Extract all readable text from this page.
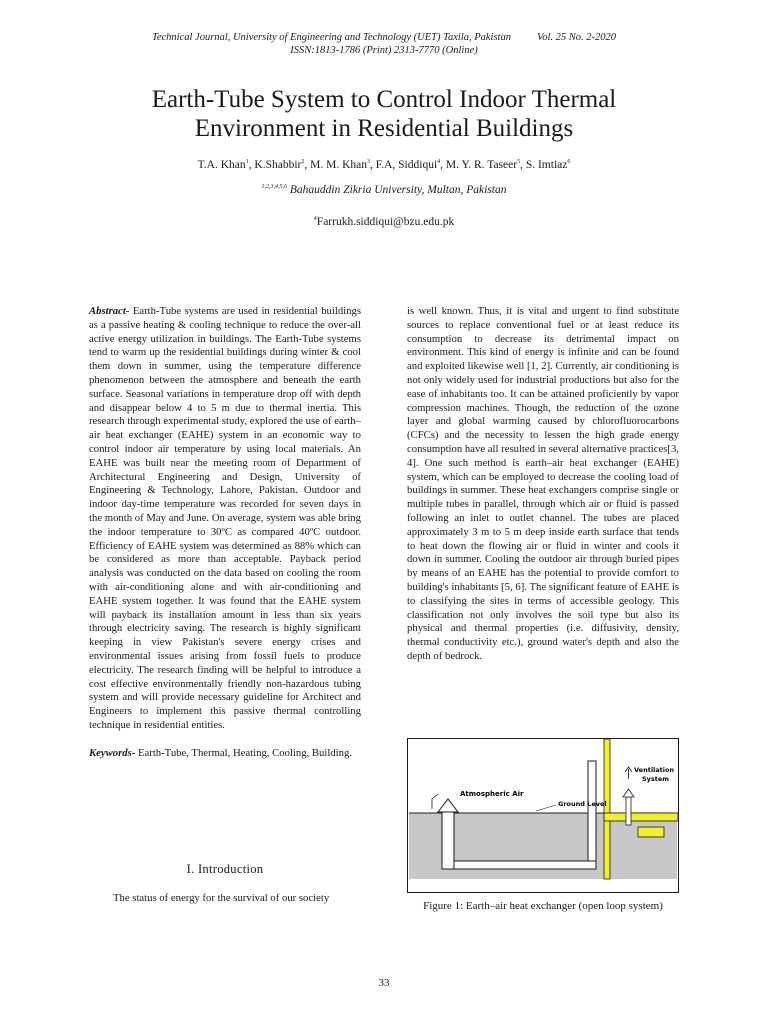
Technical Journal, University of Engineering and Technology (UET) Taxila, Pakistan Vol. 25 No. 2-2020
ISSN:1813-1786 (Print) 2313-7770 (Online)
Earth-Tube System to Control Indoor Thermal
Environment in Residential Buildings
T.A. Khan$^1$, K.Shabbir$^2$, M. M. Khan$^3$, F.A, Siddiqui$^4$, M. Y. R. Taseer$^5$, S. Imtiaz$^6$
$^{1,2,3,4,5,6}$ Bahauddin Zikria University, Multan, Pakistan
$^4$Farrukh.siddiqui@bzu.edu.pk
Abstract- Earth-Tube systems are used in residential buildings as a passive heating & cooling technique to reduce the over-all active energy utilization in buildings. The Earth-Tube systems tend to warm up the residential buildings during winter & cool them down in summer, using the temperature difference phenomenon between the atmosphere and beneath the earth surface. Seasonal variations in temperature drop off with depth and disappear below 4 to 5 m due to thermal inertia. This research through experimental study, explored the use of earth–air heat exchanger (EAHE) system in an economic way to control indoor air temperature by using local materials. An EAHE was built near the meeting room of Department of Architectural Engineering and Design, University of Engineering & Technology, Lahore, Pakistan. Outdoor and indoor day-time temperature was recorded for seven days in the month of May and June. On average, system was able bring the indoor temperature to 30ºC as compared 40ºC outdoor. Efficiency of EAHE system was determined as 88% which can be considered as more than acceptable. Payback period analysis was conducted on the data based on cooling the room with air-conditioning alone and with air-conditioning and EAHE system together. It was found that the EAHE system will payback its installation amount in less than six years through electricity saving. The research is highly significant keeping in view Pakistan's severe energy crises and environmental issues arising from fossil fuels to produce electricity. The research finding will be helpful to introduce a cost effective environmentally friendly non-hazardous tubing system and will provide necessary guideline for Architect and Engineers to implement this passive thermal controlling technique in residential entities.
Keywords- Earth-Tube, Thermal, Heating, Cooling, Building.
I. Introduction
The status of energy for the survival of our society
is well known. Thus, it is vital and urgent to find substitute sources to replace conventional fuel or at least reduce its consumption to decrease its detrimental impact on environment. This kind of energy is infinite and can be found and exploited likewise well [1, 2]. Currently, air conditioning is not only widely used for industrial productions but also for the ease of inhabitants too. It can be attained proficiently by vapor compression machines. Though, the reduction of the ozone layer and global warming caused by chlorofluorocarbons (CFCs) and the necessity to lessen the high grade energy consumption have all resulted in several alternative practices[3, 4]. One such method is earth–air heat exchanger (EAHE) system, which can be employed to decrease the cooling load of buildings in summer. These heat exchangers comprise single or multiple tubes in parallel, through which air or fluid is passed following an inlet to outlet channel. The tubes are placed approximately 3 m to 5 m deep inside earth surface that tends to heat down the flowing air or fluid in winter and cools it down in summer. Cooling the outdoor air through buried pipes by means of an EAHE has the potential to provide comfort to building's inhabitants [5, 6]. The significant feature of EAHE is to classifying the sites in terms of accessible geology. This classification not only involves the soil type but also its physical and thermal properties (i.e. diffusivity, density, thermal conductivity etc.), ground water's depth and also the depth of bedrock.
Atmospheric Air
Ground Level
Ventilation
System
Figure 1: Earth–air heat exchanger (open loop system)
33
